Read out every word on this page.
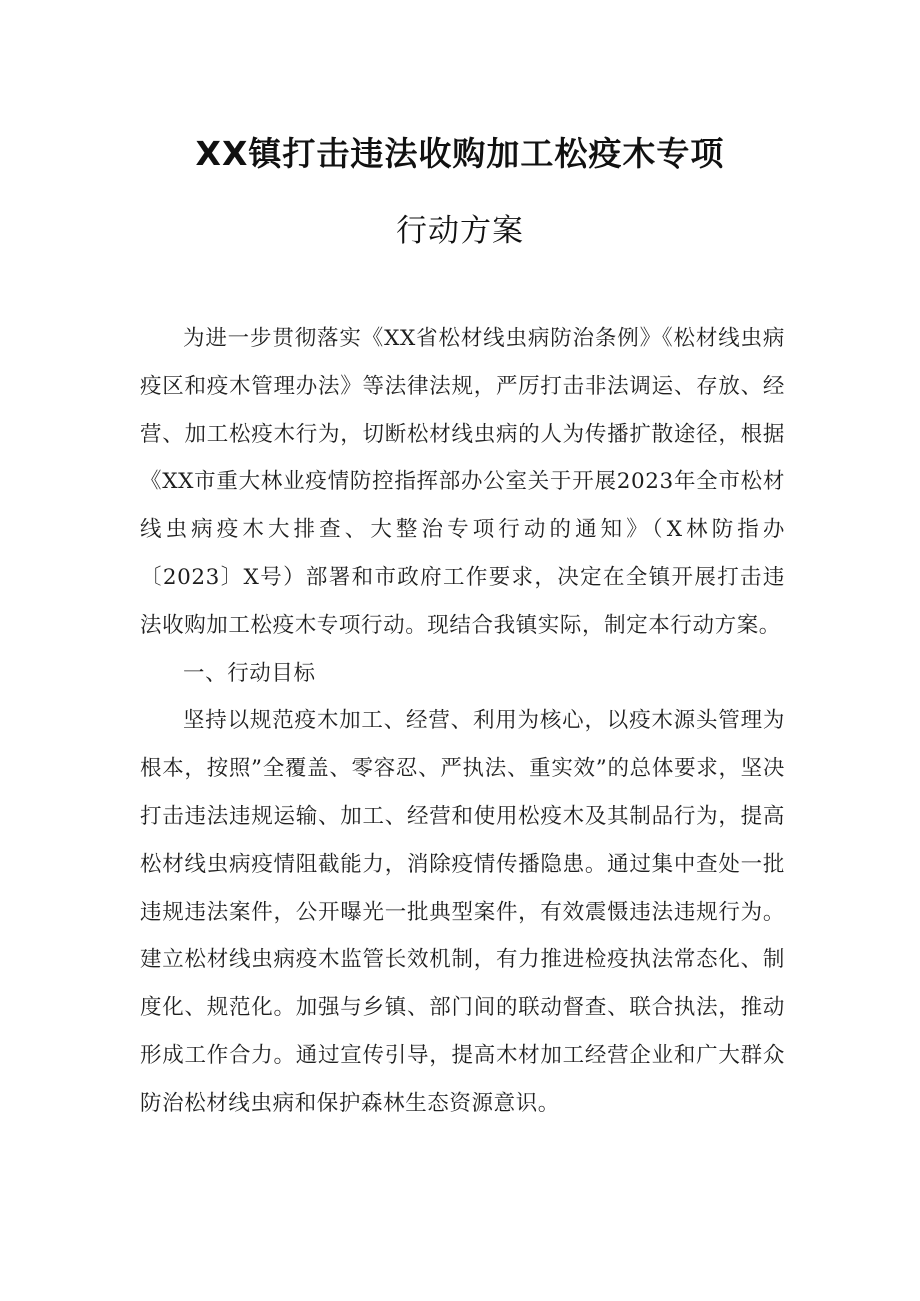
XX镇打击违法收购加工松疫木专项
行动方案

为进一步贯彻落实《XX省松材线虫病防治条例》《松材线虫病疫区和疫木管理办法》等法律法规，严厉打击非法调运、存放、经营、加工松疫木行为，切断松材线虫病的人为传播扩散途径，根据《XX市重大林业疫情防控指挥部办公室关于开展2023年全市松材线虫病疫木大排查、大整治专项行动的通知》（X林防指办〔2023〕X号）部署和市政府工作要求，决定在全镇开展打击违法收购加工松疫木专项行动。现结合我镇实际，制定本行动方案。

一、行动目标

坚持以规范疫木加工、经营、利用为核心，以疫木源头管理为根本，按照”全覆盖、零容忍、严执法、重实效”的总体要求，坚决打击违法违规运输、加工、经营和使用松疫木及其制品行为，提高松材线虫病疫情阻截能力，消除疫情传播隐患。通过集中查处一批违规违法案件，公开曝光一批典型案件，有效震慑违法违规行为。建立松材线虫病疫木监管长效机制，有力推进检疫执法常态化、制度化、规范化。加强与乡镇、部门间的联动督查、联合执法，推动形成工作合力。通过宣传引导，提高木材加工经营企业和广大群众防治松材线虫病和保护森林生态资源意识。
